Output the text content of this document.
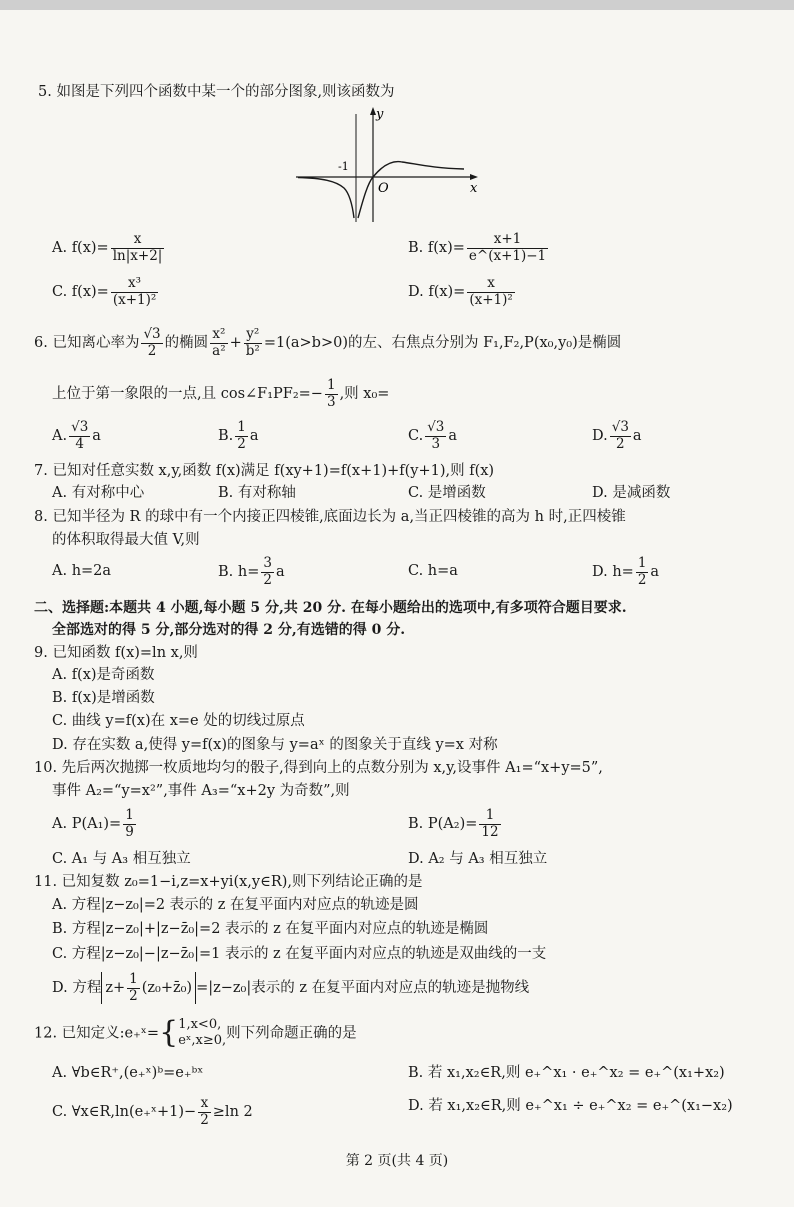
5. 如图是下列四个函数中某一个的部分图象,则该函数为
y
x
O
-1
A. $f(x)= \frac{x}{\ln|x+2|}$	B. $f(x)= \frac{x+1}{e\^{}(x+1)-1}$
C. $f(x)= \frac{\text{x³}}{\text{(x+1)²}}$	D. $f(x)= \frac{x}{\text{(x+1)²}}$
6. 已知离心率为 $\frac{√3}{2}$ 的椭圆 $\frac{\text{x²}}{\text{a²}} + \frac{\text{y²}}{\text{b²}} =1(a>b>0)$的左、右焦点分别为 F₁,F₂,P(x₀,y₀)是椭圆
上位于第一象限的一点,且 cos∠F₁PF₂=− $\frac{1}{3}$ ,则 x₀=
A. $\frac{√3}{4}$ a	B. $\frac{1}{2}$ a	C. $\frac{√3}{3}$ a	D. $\frac{√3}{2}$ a
7. 已知对任意实数 x,y,函数 f(x)满足 f(xy+1)=f(x+1)+f(y+1),则 f(x)
A. 有对称中心	B. 有对称轴	C. 是增函数	D. 是减函数
8. 已知半径为 R 的球中有一个内接正四棱锥,底面边长为 a,当正四棱锥的高为 h 时,正四棱锥
的体积取得最大值 V,则
A. h=2a	B. $h= \frac{3}{2}$ a	C. h=a	D. $h= \frac{1}{2}$ a
二、选择题:本题共 4 小题,每小题 5 分,共 20 分. 在每小题给出的选项中,有多项符合题目要求.
全部选对的得 5 分,部分选对的得 2 分,有选错的得 0 分.
9. 已知函数 f(x)=ln x,则
A. f(x)是奇函数
B. f(x)是增函数
C. 曲线 y=f(x)在 x=e 处的切线过原点
D. 存在实数 a,使得 y=f(x)的图象与 y=aˣ 的图象关于直线 y=x 对称
10. 先后两次抛掷一枚质地均匀的骰子,得到向上的点数分别为 x,y,设事件 A₁=“x+y=5”,
事件 A₂=“y=x²”,事件 A₃=“x+2y 为奇数”,则
A. $P(A_1)= \frac{1}{9}$	B. $P(A_2)= \frac{1}{12}$
C. A₁ 与 A₃ 相互独立	D. A₂ 与 A₃ 相互独立
11. 已知复数 z₀=1−i,z=x+yi(x,y∈R),则下列结论正确的是
A. 方程|z−z₀|=2 表示的 z 在复平面内对应点的轨迹是圆
B. 方程|z−z₀|+|z−z̄₀|=2 表示的 z 在复平面内对应点的轨迹是椭圆
C. 方程|z−z₀|−|z−z̄₀|=1 表示的 z 在复平面内对应点的轨迹是双曲线的一支
D. 方程 $z+ \frac{1}{2}$ (z₀+z̄₀) =|z−z₀|表示的 z 在复平面内对应点的轨迹是抛物线
12. 已知定义:e₊ˣ={ 1,x<0,
eˣ,x≥0, 则下列命题正确的是
A. ∀b∈R⁺,(e₊ˣ)ᵇ=e₊ᵇˣ	B. 若 x₁,x₂∈R,则 e₊^x₁ · e₊^x₂ = e₊^(x₁+x₂)
C. ∀x∈R,ln(e₊ˣ+1)− $\frac{x}{2} \ge\ln$ 2	D. 若 x₁,x₂∈R,则 e₊^x₁ ÷ e₊^x₂ = e₊^(x₁−x₂)
第 2 页(共 4 页)
